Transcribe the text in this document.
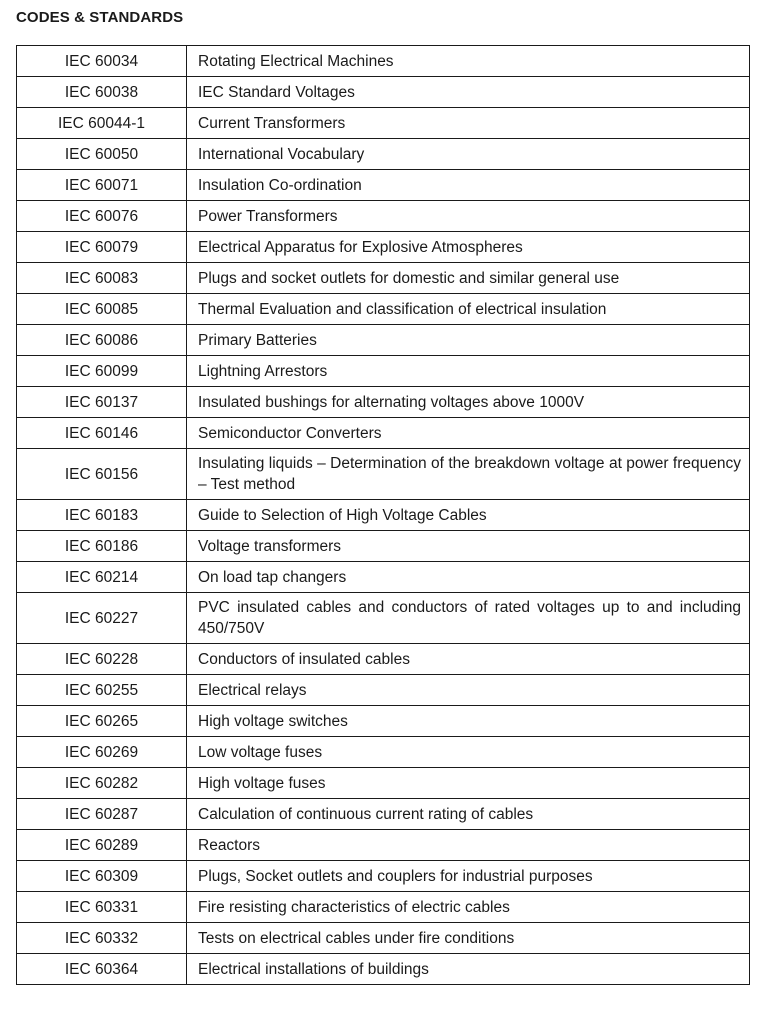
CODES & STANDARDS
IEC 60034	Rotating Electrical Machines
IEC 60038	IEC Standard Voltages
IEC 60044-1	Current Transformers
IEC 60050	International Vocabulary
IEC 60071	Insulation Co-ordination
IEC 60076	Power Transformers
IEC 60079	Electrical Apparatus for Explosive Atmospheres
IEC 60083	Plugs and socket outlets for domestic and similar general use
IEC 60085	Thermal Evaluation and classification of electrical insulation
IEC 60086	Primary Batteries
IEC 60099	Lightning Arrestors
IEC 60137	Insulated bushings for alternating voltages above 1000V
IEC 60146	Semiconductor Converters
IEC 60156	Insulating liquids – Determination of the breakdown voltage at power frequency – Test method
IEC 60183	Guide to Selection of High Voltage Cables
IEC 60186	Voltage transformers
IEC 60214	On load tap changers
IEC 60227	PVC insulated cables and conductors of rated voltages up to and including 450/750V
IEC 60228	Conductors of insulated cables
IEC 60255	Electrical relays
IEC 60265	High voltage switches
IEC 60269	Low voltage fuses
IEC 60282	High voltage fuses
IEC 60287	Calculation of continuous current rating of cables
IEC 60289	Reactors
IEC 60309	Plugs, Socket outlets and couplers for industrial purposes
IEC 60331	Fire resisting characteristics of electric cables
IEC 60332	Tests on electrical cables under fire conditions
IEC 60364	Electrical installations of buildings
